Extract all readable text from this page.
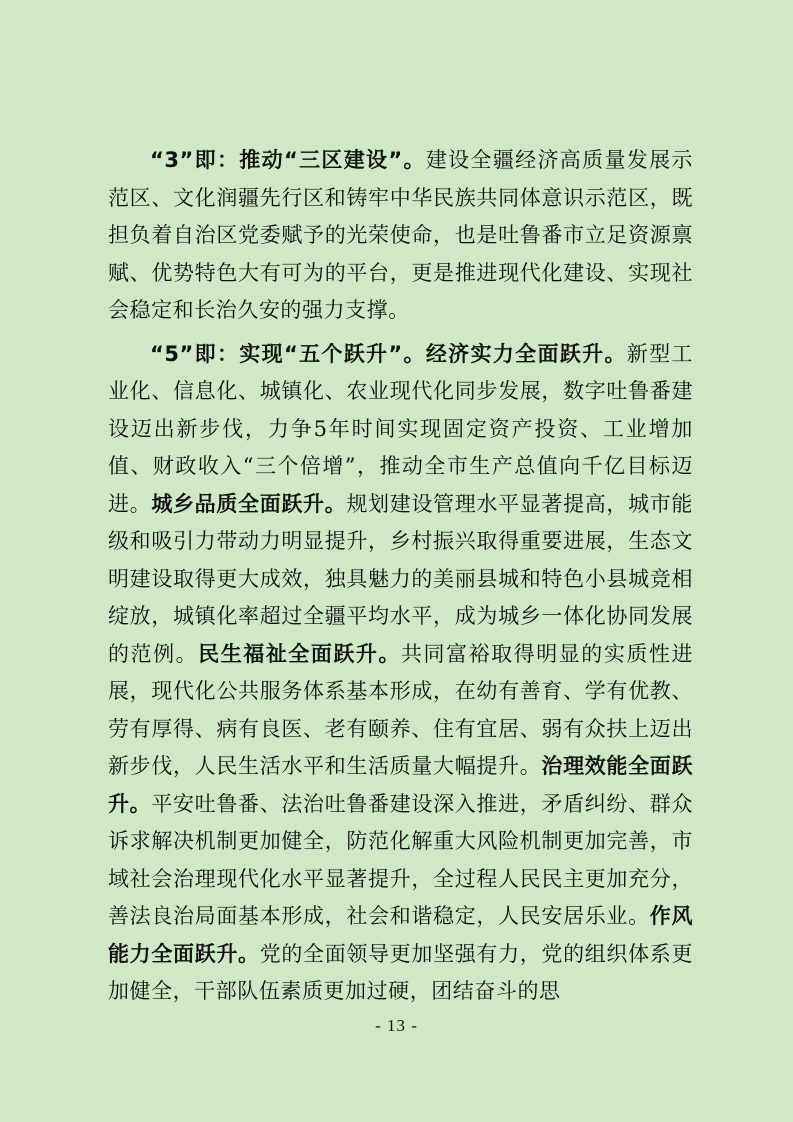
“3”即：推动“三区建设”。建设全疆经济高质量发展示范区、文化润疆先行区和铸牢中华民族共同体意识示范区，既担负着自治区党委赋予的光荣使命，也是吐鲁番市立足资源禀赋、优势特色大有可为的平台，更是推进现代化建设、实现社会稳定和长治久安的强力支撑。

“5”即：实现“五个跃升”。经济实力全面跃升。新型工业化、信息化、城镇化、农业现代化同步发展，数字吐鲁番建设迈出新步伐，力争5年时间实现固定资产投资、工业增加值、财政收入“三个倍增”，推动全市生产总值向千亿目标迈进。城乡品质全面跃升。规划建设管理水平显著提高，城市能级和吸引力带动力明显提升，乡村振兴取得重要进展，生态文明建设取得更大成效，独具魅力的美丽县城和特色小县城竞相绽放，城镇化率超过全疆平均水平，成为城乡一体化协同发展的范例。民生福祉全面跃升。共同富裕取得明显的实质性进展，现代化公共服务体系基本形成，在幼有善育、学有优教、劳有厚得、病有良医、老有颐养、住有宜居、弱有众扶上迈出新步伐，人民生活水平和生活质量大幅提升。治理效能全面跃升。平安吐鲁番、法治吐鲁番建设深入推进，矛盾纠纷、群众诉求解决机制更加健全，防范化解重大风险机制更加完善，市域社会治理现代化水平显著提升，全过程人民民主更加充分，善法良治局面基本形成，社会和谐稳定，人民安居乐业。作风能力全面跃升。党的全面领导更加坚强有力，党的组织体系更加健全，干部队伍素质更加过硬，团结奋斗的思

- 13 -
